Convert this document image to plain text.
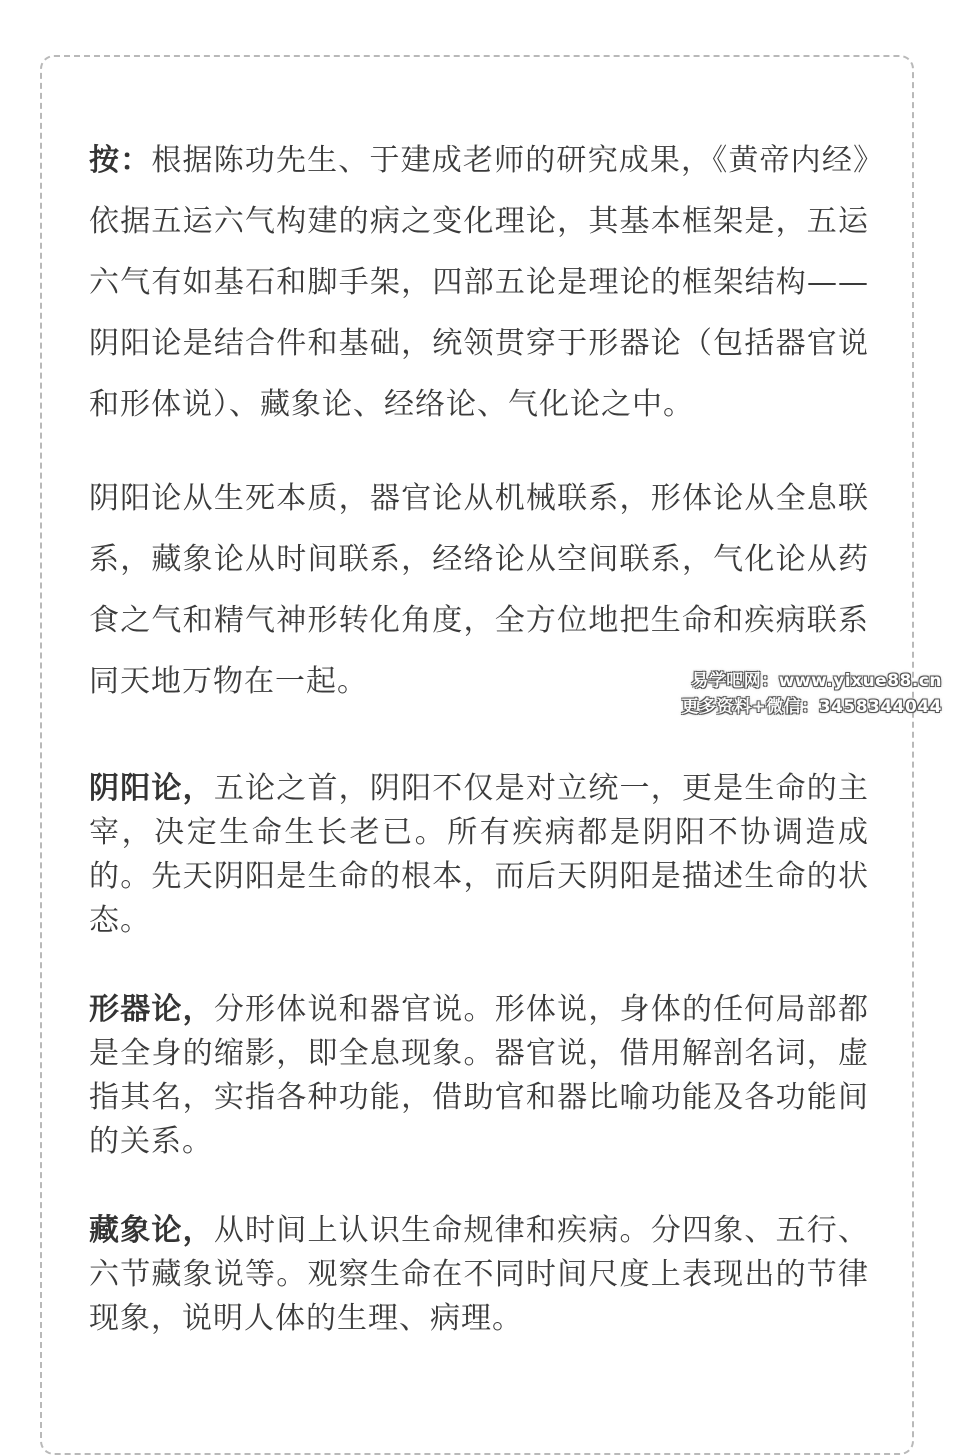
按：根据陈功先生、于建成老师的研究成果，《黄帝内经》依据五运六气构建的病之变化理论，其基本框架是，五运六气有如基石和脚手架，四部五论是理论的框架结构——阴阳论是结合件和基础，统领贯穿于形器论（包括器官说和形体说）、藏象论、经络论、气化论之中。

阴阳论从生死本质，器官论从机械联系，形体论从全息联系，藏象论从时间联系，经络论从空间联系，气化论从药食之气和精气神形转化角度，全方位地把生命和疾病联系同天地万物在一起。

阴阳论，五论之首，阴阳不仅是对立统一，更是生命的主宰，决定生命生长老已。所有疾病都是阴阳不协调造成的。先天阴阳是生命的根本，而后天阴阳是描述生命的状态。

形器论，分形体说和器官说。形体说，身体的任何局部都是全身的缩影，即全息现象。器官说，借用解剖名词，虚指其名，实指各种功能，借助官和器比喻功能及各功能间的关系。

藏象论，从时间上认识生命规律和疾病。分四象、五行、六节藏象说等。观察生命在不同时间尺度上表现出的节律现象，说明人体的生理、病理。

易学吧网：www.yixue88.cn
更多资料+微信：3458344044
